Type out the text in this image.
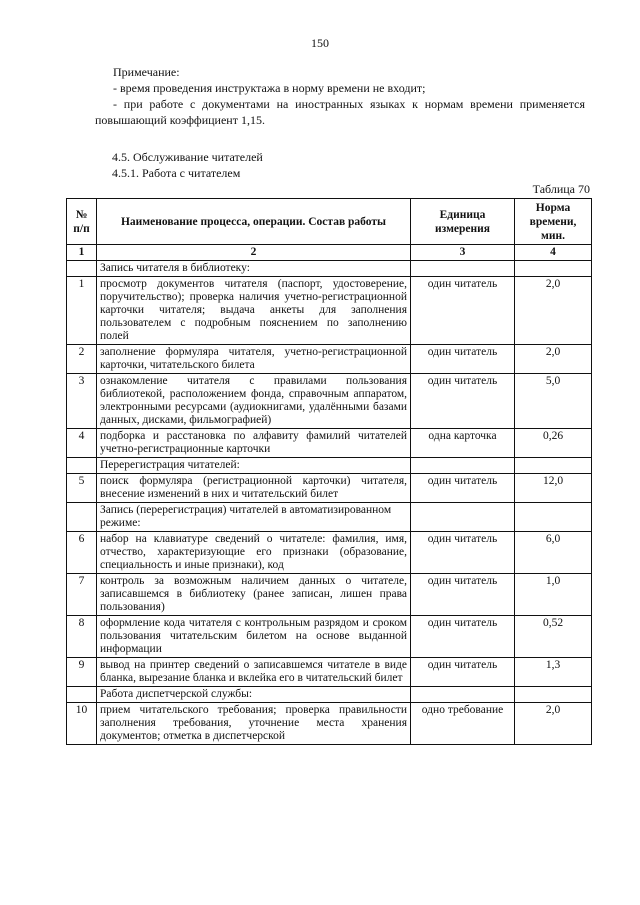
150
Примечание:
- время проведения инструктажа в норму времени не входит;
- при работе с документами на иностранных языках к нормам времени применяется
повышающий коэффициент 1,15.
4.5. Обслуживание читателей
4.5.1. Работа с читателем
Таблица 70
№ п/п	Наименование процесса, операции. Состав работы	Единица измерения	Норма времени, мин.
1	2	3	4
	Запись читателя в библиотеку:		
1	просмотр документов читателя (паспорт, удостоверение, поручительство); проверка наличия учетно-регистрационной карточки читателя; выдача анкеты для заполнения пользователем с подробным пояснением по заполнению полей	один читатель	2,0
2	заполнение формуляра читателя, учетно-регистрационной карточки, читательского билета	один читатель	2,0
3	ознакомление читателя с правилами пользования библиотекой, расположением фонда, справочным аппаратом, электронными ресурсами (аудиокнигами, удалёнными базами данных, дисками, фильмографией)	один читатель	5,0
4	подборка и расстановка по алфавиту фамилий читателей учетно-регистрационные карточки	одна карточка	0,26
	Перерегистрация читателей:		
5	поиск формуляра (регистрационной карточки) читателя, внесение изменений в них и читательский билет	один читатель	12,0
	Запись (перерегистрация) читателей в автоматизированном режиме:		
6	набор на клавиатуре сведений о читателе: фамилия, имя, отчество, характеризующие его признаки (образование, специальность и иные признаки), код	один читатель	6,0
7	контроль за возможным наличием данных о читателе, записавшемся в библиотеку (ранее записан, лишен права пользования)	один читатель	1,0
8	оформление кода читателя с контрольным разрядом и сроком пользования читательским билетом на основе выданной информации	один читатель	0,52
9	вывод на принтер сведений о записавшемся читателе в виде бланка, вырезание бланка и вклейка его в читательский билет	один читатель	1,3
	Работа диспетчерской службы:		
10	прием читательского требования; проверка правильности заполнения требования, уточнение места хранения документов; отметка в диспетчерской	одно требование	2,0
